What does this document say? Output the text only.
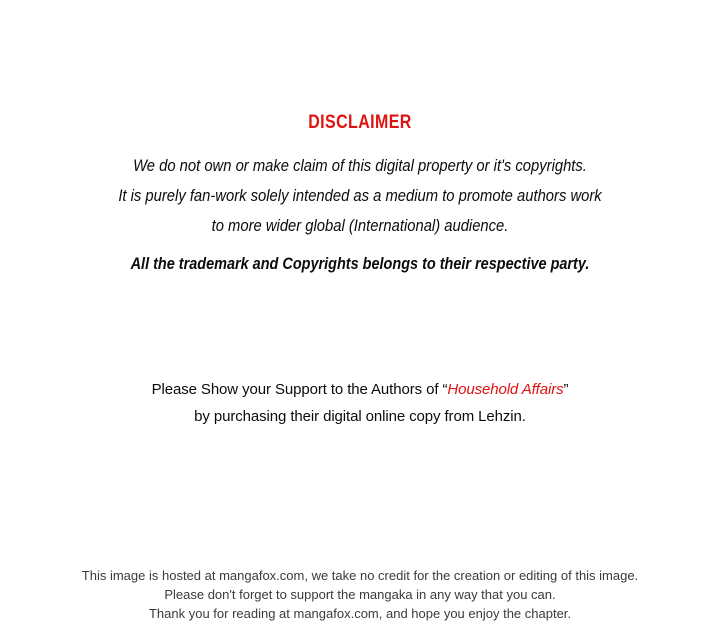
DISCLAIMER
We do not own or make claim of this digital property or it's copyrights.
It is purely fan-work solely intended as a medium to promote authors work
to more wider global (International) audience.
All the trademark and Copyrights belongs to their respective party.
Please Show your Support to the Authors of “Household Affairs”
by purchasing their digital online copy from Lehzin.
This image is hosted at mangafox.com, we take no credit for the creation or editing of this image.
Please don't forget to support the mangaka in any way that you can.
Thank you for reading at mangafox.com, and hope you enjoy the chapter.
